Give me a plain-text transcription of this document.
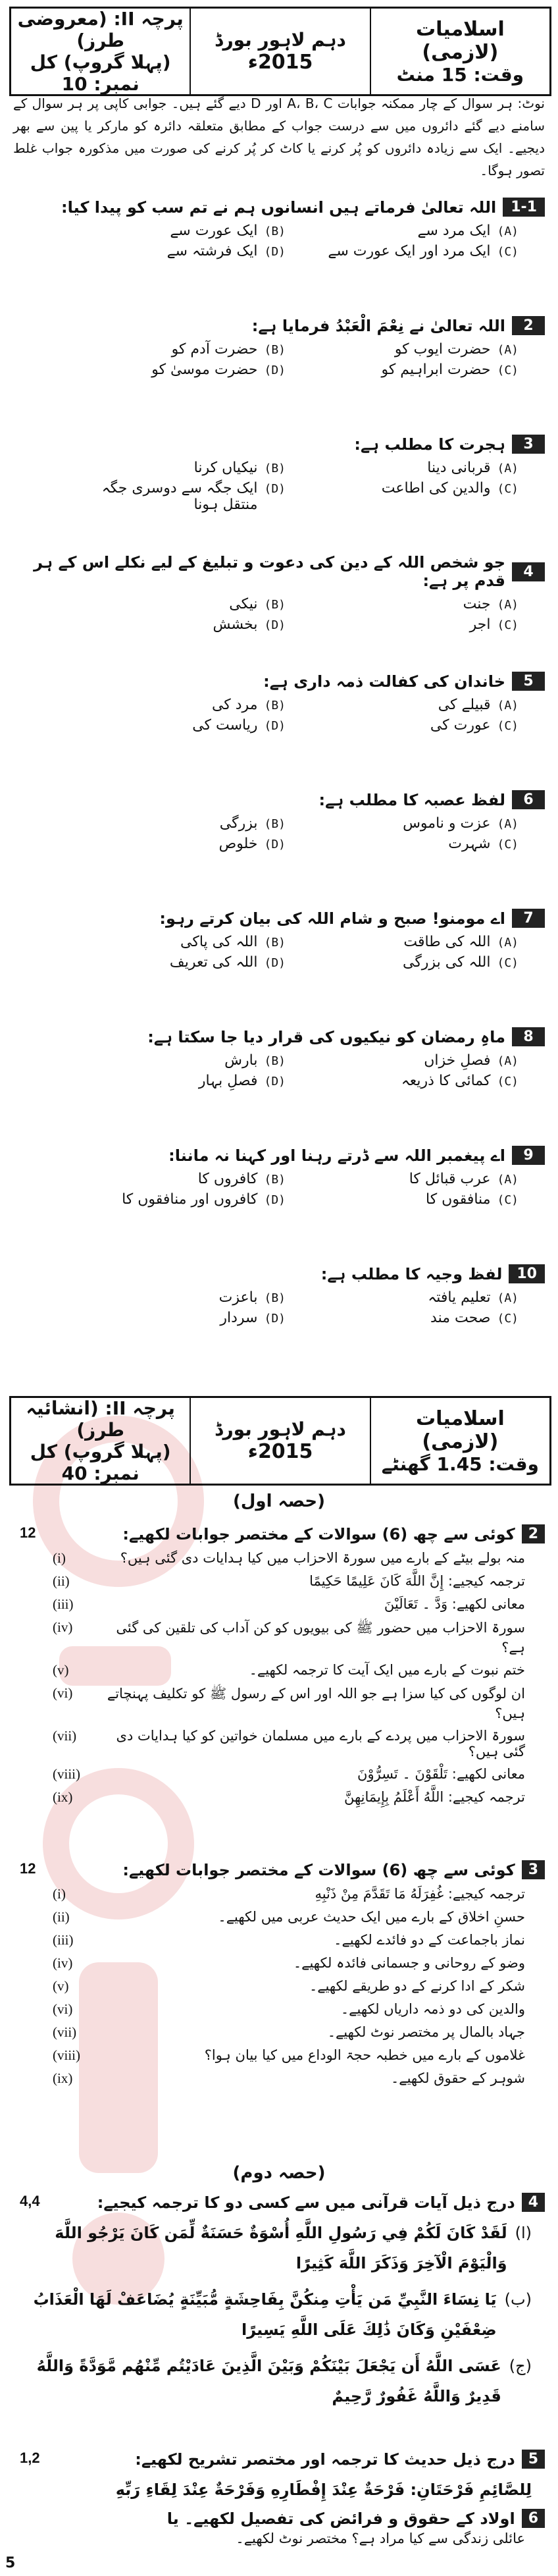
اسلامیات (لازمی)
وقت: 15 منٹ
دہم لاہور بورڈ
2015ء
پرچہ II: (معروضی طرز)
(پہلا گروپ) کل نمبر: 10
نوٹ: ہر سوال کے چار ممکنہ جوابات A، B، C اور D دیے گئے ہیں۔ جوابی کاپی پر ہر سوال کے سامنے دیے گئے دائروں میں سے درست جواب کے مطابق متعلقہ دائرہ کو مارکر یا پین سے بھر دیجیے۔ ایک سے زیادہ دائروں کو پُر کرنے یا کاٹ کر پُر کرنے کی صورت میں مذکورہ جواب غلط تصور ہوگا۔
1-1
اللہ تعالیٰ فرماتے ہیں انسانوں ہم نے تم سب کو پیدا کیا:
(A)
ایک مرد سے
(B)
ایک عورت سے
(C)
ایک مرد اور ایک عورت سے
(D)
ایک فرشتہ سے
2
اللہ تعالیٰ نے نِعْمَ الْعَبْدُ فرمایا ہے:
(A)
حضرت ایوب کو
(B)
حضرت آدم کو
(C)
حضرت ابراہیم کو
(D)
حضرت موسیٰ کو
3
ہجرت کا مطلب ہے:
(A)
قربانی دینا
(B)
نیکیاں کرنا
(C)
والدین کی اطاعت
(D)
ایک جگہ سے دوسری جگہ منتقل ہونا
4
جو شخص اللہ کے دین کی دعوت و تبلیغ کے لیے نکلے اس کے ہر قدم پر ہے:
(A)
جنت
(B)
نیکی
(C)
اجر
(D)
بخشش
5
خاندان کی کفالت ذمہ داری ہے:
(A)
قبیلے کی
(B)
مرد کی
(C)
عورت کی
(D)
ریاست کی
6
لفظ عصبہ کا مطلب ہے:
(A)
عزت و ناموس
(B)
بزرگی
(C)
شہرت
(D)
خلوص
7
اے مومنو! صبح و شام اللہ کی بیان کرتے رہو:
(A)
اللہ کی طاقت
(B)
اللہ کی پاکی
(C)
اللہ کی بزرگی
(D)
اللہ کی تعریف
8
ماہِ رمضان کو نیکیوں کی قرار دیا جا سکتا ہے:
(A)
فصلِ خزاں
(B)
بارش
(C)
کمائی کا ذریعہ
(D)
فصلِ بہار
9
اے پیغمبر اللہ سے ڈرتے رہنا اور کہنا نہ ماننا:
(A)
عرب قبائل کا
(B)
کافروں کا
(C)
منافقوں کا
(D)
کافروں اور منافقوں کا
10
لفظ وجیہ کا مطلب ہے:
(A)
تعلیم یافتہ
(B)
باعزت
(C)
صحت مند
(D)
سردار
اسلامیات (لازمی)
وقت: 1.45 گھنٹے
دہم لاہور بورڈ
2015ء
پرچہ II: (انشائیہ طرز)
(پہلا گروپ) کل نمبر: 40
(حصہ اول)
2
کوئی سے چھ (6) سوالات کے مختصر جوابات لکھیے:
12
منہ بولے بیٹے کے بارے میں سورۃ الاحزاب میں کیا ہدایات دی گئی ہیں؟
(i)
ترجمہ کیجیے: إِنَّ اللَّهَ كَانَ عَلِيمًا حَكِيمًا
(ii)
معانی لکھیے: وَدَّ ۔ تَعَالَيْنَ
(iii)
سورۃ الاحزاب میں حضور ﷺ کی بیویوں کو کن آداب کی تلقین کی گئی ہے؟
(iv)
ختم نبوت کے بارے میں ایک آیت کا ترجمہ لکھیے۔
(v)
ان لوگوں کی کیا سزا ہے جو اللہ اور اس کے رسول ﷺ کو تکلیف پہنچاتے ہیں؟
(vi)
سورۃ الاحزاب میں پردے کے بارے میں مسلمان خواتین کو کیا ہدایات دی گئی ہیں؟
(vii)
معانی لکھیے: تَلْقَوْنَ ۔ تَسِرُّوْنَ
(viii)
ترجمہ کیجیے: اللَّهُ أَعْلَمُ بِإِيمَانِهِنَّ
(ix)
3
کوئی سے چھ (6) سوالات کے مختصر جوابات لکھیے:
12
ترجمہ کیجیے: غُفِرَلَهُ مَا تَقَدَّمَ مِنْ ذَنْبِهِ
(i)
حسنِ اخلاق کے بارے میں ایک حدیث عربی میں لکھیے۔
(ii)
نماز باجماعت کے دو فائدے لکھیے۔
(iii)
وضو کے روحانی و جسمانی فائدہ لکھیے۔
(iv)
شکر کے ادا کرنے کے دو طریقے لکھیے۔
(v)
والدین کی دو ذمہ داریاں لکھیے۔
(vi)
جہاد بالمال پر مختصر نوٹ لکھیے۔
(vii)
غلاموں کے بارے میں خطبہ حجۃ الوداع میں کیا بیان ہوا؟
(viii)
شوہر کے حقوق لکھیے۔
(ix)
(حصہ دوم)
4
درج ذیل آیات قرآنی میں سے کسی دو کا ترجمہ کیجیے:
4,4
(ا)
لَقَدْ كَانَ لَكُمْ فِي رَسُولِ اللَّهِ أُسْوَةٌ حَسَنَةٌ لِّمَن كَانَ يَرْجُو اللَّهَ وَالْيَوْمَ الْآخِرَ وَذَكَرَ اللَّهَ كَثِيرًا
(ب)
يَا نِسَاءَ النَّبِيِّ مَن يَأْتِ مِنكُنَّ بِفَاحِشَةٍ مُّبَيِّنَةٍ يُضَاعَفْ لَهَا الْعَذَابُ ضِعْفَيْنِ وَكَانَ ذَٰلِكَ عَلَى اللَّهِ يَسِيرًا
(ج)
عَسَى اللَّهُ أَن يَجْعَلَ بَيْنَكُمْ وَبَيْنَ الَّذِينَ عَادَيْتُم مِّنْهُم مَّوَدَّةً وَاللَّهُ قَدِيرٌ وَاللَّهُ غَفُورٌ رَّحِيمٌ
5
درج ذیل حدیث کا ترجمہ اور مختصر تشریح لکھیے:
1,2
لِلصَّائِمِ فَرْحَتَانِ: فَرْحَةٌ عِنْدَ إِفْطَارِهِ وَفَرْحَةٌ عِنْدَ لِقَاءِ رَبِّهِ
6
اولاد کے حقوق و فرائض کی تفصیل لکھیے۔ یا
عائلی زندگی سے کیا مراد ہے؟ مختصر نوٹ لکھیے۔
5
